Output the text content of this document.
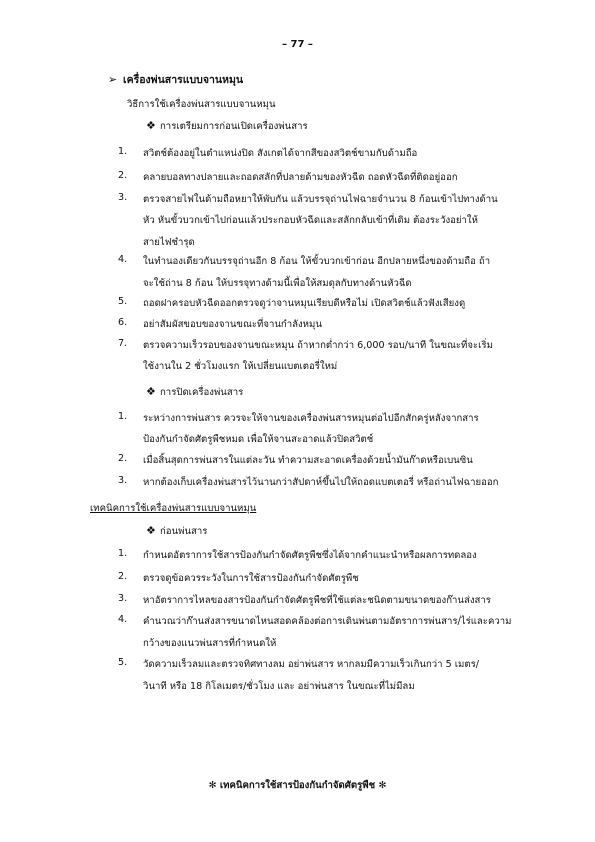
– 77 –
➢ เครื่องพ่นสารแบบจานหมุน
วิธีการใช้เครื่องพ่นสารแบบจานหมุน
❖ การเตรียมการก่อนเปิดเครื่องพ่นสาร
1. สวิตช์ต้องอยู่ในตำแหน่งปิด สังเกตได้จากสีของสวิตช์ขามกับด้ามถือ
2. คลายบอลทางปลายและถอดสลักที่ปลายด้ามของหัวฉีด ถอดหัวฉีดที่ติดอยู่ออก
3. ตรวจสายไฟในด้ามถือหยาให้พับกัน แล้วบรรจุถ่านไฟฉายจำนวน 8 ก้อนเข้าไปทางด้าน
หัว หันขั้วบวกเข้าไปก่อนแล้วประกอบหัวฉีดและสลักกลับเข้าที่เดิม ต้องระวังอย่าให้
สายไฟชำรุด
4. ในทำนองเดียวกันบรรจุถ่านอีก 8 ก้อน ให้ขั้วบวกเข้าก่อน อีกปลายหนึ่งของด้ามถือ ถ้า
จะใช้ถ่าน 8 ก้อน ให้บรรจุทางด้ามนี้เพื่อให้สมดุลกับทางด้านหัวฉีด
5. ถอดฝาครอบหัวฉีดออกตรวจดูว่าจานหมุนเรียบดีหรือไม่ เปิดสวิตช์แล้วฟังเสียงดู
6. อย่าสัมผัสขอบของจานขณะที่จานกำลังหมุน
7. ตรวจความเร็วรอบของจานขณะหมุน ถ้าหากต่ำกว่า 6,000 รอบ/นาที ในขณะที่จะเริ่ม
ใช้งานใน 2 ชั่วโมงแรก ให้เปลี่ยนแบตเตอรี่ใหม่
❖ การปิดเครื่องพ่นสาร
1. ระหว่างการพ่นสาร ควรจะให้จานของเครื่องพ่นสารหมุนต่อไปอีกสักครู่หลังจากสาร
ป้องกันกำจัดศัตรูพืชหมด เพื่อให้จานสะอาดแล้วปิดสวิตช์
2. เมื่อสิ้นสุดการพ่นสารในแต่ละวัน ทำความสะอาดเครื่องด้วยน้ำมันก๊าดหรือเบนซิน
3. หากต้องเก็บเครื่องพ่นสารไว้นานกว่าสัปดาห์ขึ้นไปให้ถอดแบตเตอรี่ หรือถ่านไฟฉายออก
เทคนิคการใช้เครื่องพ่นสารแบบจานหมุน
❖ ก่อนพ่นสาร
1. กำหนดอัตราการใช้สารป้องกันกำจัดศัตรูพืชซึ่งได้จากคำแนะนำหรือผลการทดลอง
2. ตรวจดูข้อควรระวังในการใช้สารป้องกันกำจัดศัตรูพืช
3. หาอัตราการไหลของสารป้องกันกำจัดศัตรูพืชที่ใช้แต่ละชนิดตามขนาดของก๊านส่งสาร
4. คำนวณว่าก๊านส่งสารขนาดไหนสอดคล้องต่อการเดินพ่นตามอัตราการพ่นสาร/ไร่และความ
กว้างของแนวพ่นสารที่กำหนดให้
5. วัดความเร็วลมและตรวจทิศทางลม อย่าพ่นสาร หากลมมีความเร็วเกินกว่า 5 เมตร/
วินาที หรือ 18 กิโลเมตร/ชั่วโมง และ อย่าพ่นสาร ในขณะที่ไม่มีลม
✻ เทคนิคการใช้สารป้องกันกำจัดศัตรูพืช ✻
